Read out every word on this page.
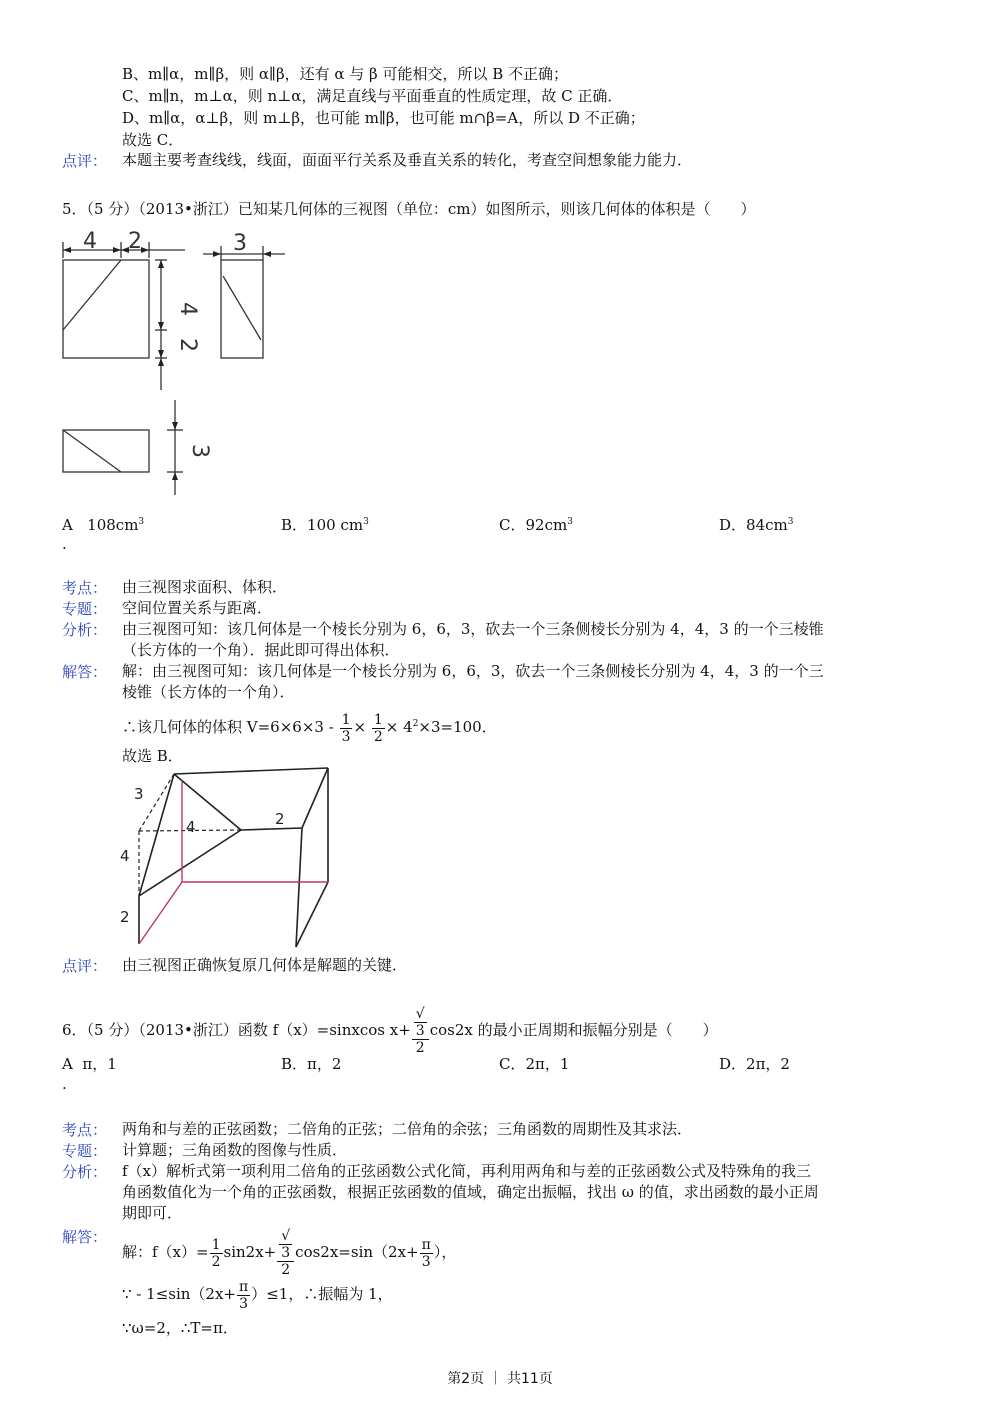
B、m∥α，m∥β，则 α∥β，还有 α 与 β 可能相交，所以 B 不正确；
C、m∥n，m⊥α，则 n⊥α，满足直线与平面垂直的性质定理，故 C 正确．
D、m∥α，α⊥β，则 m⊥β，也可能 m∥β，也可能 m∩β=A，所以 D 不正确；
故选 C．
点评： 本题主要考查线线，线面，面面平行关系及垂直关系的转化，考查空间想象能力能力．
5．（5 分）（2013•浙江）已知某几何体的三视图（单位：cm）如图所示，则该几何体的体积是（　　）
4 2	3
4
2
3
A $108cm^3$
.
B．100 $cm^3$	C．$92cm^3$	D．$84cm^3$
考点： 由三视图求面积、体积．
专题： 空间位置关系与距离．
分析： 由三视图可知：该几何体是一个棱长分别为 6，6，3，砍去一个三条侧棱长分别为 4，4，3 的一个三棱锥
（长方体的一个角）．据此即可得出体积．
解答： 解：由三视图可知：该几何体是一个棱长分别为 6，6，3，砍去一个三条侧棱长分别为 4，4，3 的一个三
棱锥（长方体的一个角）．
∴该几何体的体积 $V=6\times 6\times 3 - \frac{1}{3} \times \frac{1}{2} \times 4^2\times 3=100$．
故选 B．
3
4	2
4
2
点评： 由三视图正确恢复原几何体是解题的关键．
6．（5 分）（2013•浙江）函数 f（x）=sinxcos x+ √
3
2 cos2x 的最小正周期和振幅分别是（　　）
A π，1
.
B．π，2	C．2π，1	D．2π，2
考点： 两角和与差的正弦函数；二倍角的正弦；二倍角的余弦；三角函数的周期性及其求法．
专题： 计算题；三角函数的图像与性质．
分析： f（x）解析式第一项利用二倍角的正弦函数公式化简，再利用两角和与差的正弦函数公式及特殊角的我三
角函数值化为一个角的正弦函数，根据正弦函数的值域，确定出振幅，找出 ω 的值，求出函数的最小正周
期即可．
解答：
解：$f(x)= \frac{1}{2} \sin 2x+$ √
3
2 $\cos 2x=\sin(2x+ \frac{\pi}{3}$ ），
∵ - $1\le\sin(2x+ \frac{\pi}{3} )\le 1$，∴振幅为 1，
∵ω=2，∴T=π．
第2页 ｜ 共11页
